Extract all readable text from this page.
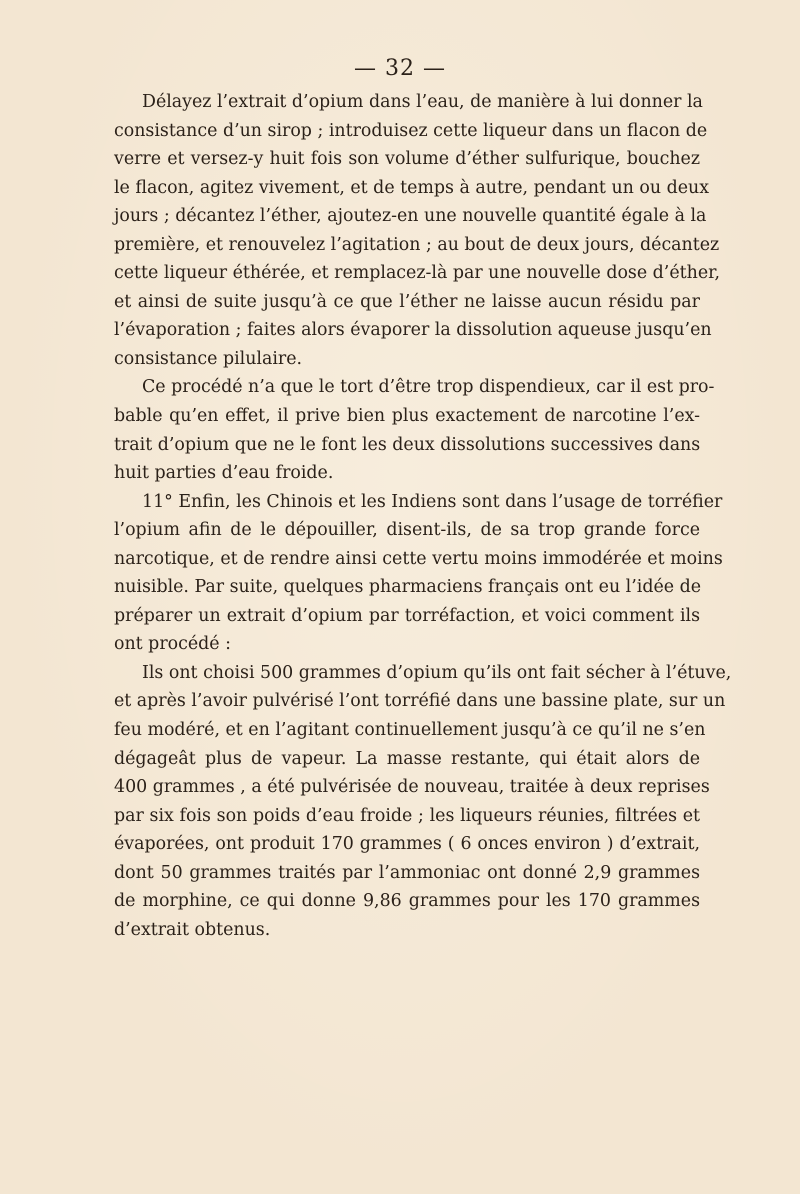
— 32 —
Délayez l’extrait d’opium dans l’eau, de manière à lui donner la
consistance d’un sirop ; introduisez cette liqueur dans un flacon de
verre et versez-y huit fois son volume d’éther sulfurique, bouchez
le flacon, agitez vivement, et de temps à autre, pendant un ou deux
jours ; décantez l’éther, ajoutez-en une nouvelle quantité égale à la
première, et renouvelez l’agitation ; au bout de deux jours, décantez
cette liqueur éthérée, et remplacez-là par une nouvelle dose d’éther,
et ainsi de suite jusqu’à ce que l’éther ne laisse aucun résidu par
l’évaporation ; faites alors évaporer la dissolution aqueuse jusqu’en
consistance pilulaire.
Ce procédé n’a que le tort d’être trop dispendieux, car il est pro-
bable qu’en effet, il prive bien plus exactement de narcotine l’ex-
trait d’opium que ne le font les deux dissolutions successives dans
huit parties d’eau froide.
11° Enfin, les Chinois et les Indiens sont dans l’usage de torréfier
l’opium afin de le dépouiller, disent-ils, de sa trop grande force
narcotique, et de rendre ainsi cette vertu moins immodérée et moins
nuisible. Par suite, quelques pharmaciens français ont eu l’idée de
préparer un extrait d’opium par torréfaction, et voici comment ils
ont procédé :
Ils ont choisi 500 grammes d’opium qu’ils ont fait sécher à l’étuve,
et après l’avoir pulvérisé l’ont torréfié dans une bassine plate, sur un
feu modéré, et en l’agitant continuellement jusqu’à ce qu’il ne s’en
dégageât plus de vapeur. La masse restante, qui était alors de
400 grammes , a été pulvérisée de nouveau, traitée à deux reprises
par six fois son poids d’eau froide ; les liqueurs réunies, filtrées et
évaporées, ont produit 170 grammes ( 6 onces environ ) d’extrait,
dont 50 grammes traités par l’ammoniac ont donné 2,9 grammes
de morphine, ce qui donne 9,86 grammes pour les 170 grammes
d’extrait obtenus.
